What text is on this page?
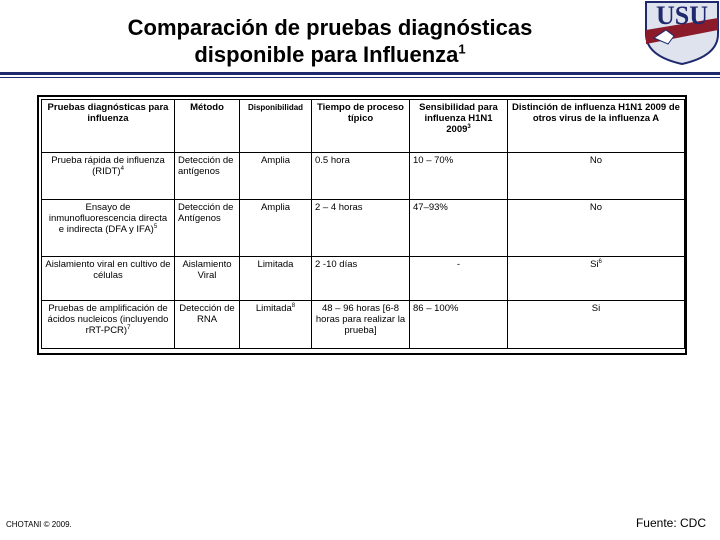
Comparación de pruebas diagnósticas
disponible para Influenza$^1$
USU
Pruebas diagnósticas para influenza	Método	Disponibilidad	Tiempo de proceso típico	Sensibilidad para influenza H1N1 2009$^3$	Distinción de influenza H1N1 2009 de otros virus de la influenza A
Prueba rápida de influenza (RIDT)$^4$	Detección de antígenos	Amplia	0.5 hora	10 – 70%	No
Ensayo de inmunofluorescencia directa e indirecta (DFA y IFA)$^5$	Detección de Antígenos	Amplia	2 – 4 horas	47–93%	No
Aislamiento viral en cultivo de células	Aislamiento Viral	Limitada	2 -10 días	-	Si$^6$
Pruebas de amplificación de ácidos nucleicos (incluyendo rRT-PCR)$^7$	Detección de RNA	Limitada$^8$	48 – 96 horas [6-8 horas para realizar la prueba]	86 – 100%	Si
CHOTANI © 2009.	Fuente: CDC
